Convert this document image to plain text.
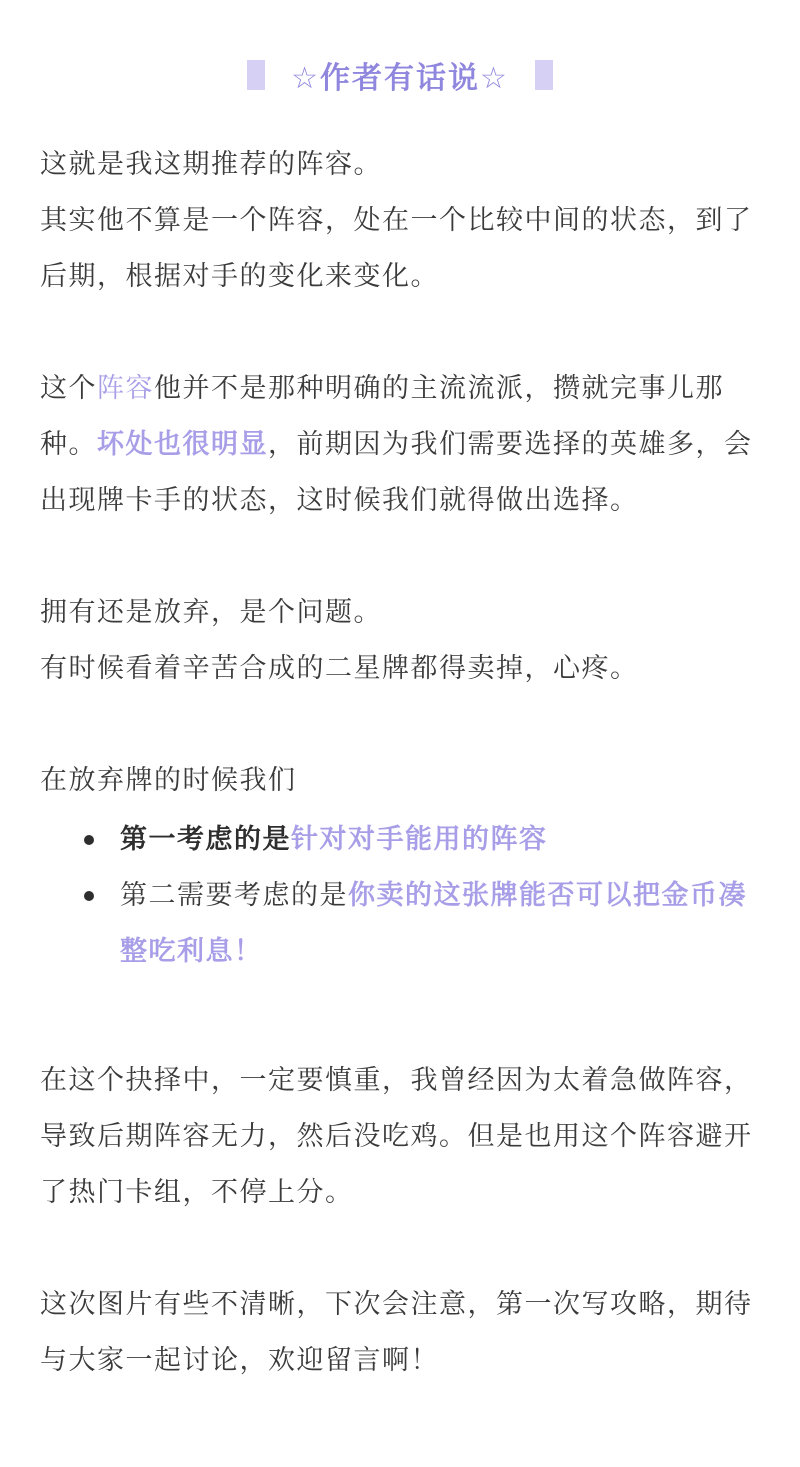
☆作者有话说☆

这就是我这期推荐的阵容。
其实他不算是一个阵容，处在一个比较中间的状态，到了后期，根据对手的变化来变化。

这个阵容他并不是那种明确的主流流派，攒就完事儿那种。坏处也很明显，前期因为我们需要选择的英雄多，会出现牌卡手的状态，这时候我们就得做出选择。

拥有还是放弃，是个问题。
有时候看着辛苦合成的二星牌都得卖掉，心疼。

在放弃牌的时候我们

第一考虑的是针对对手能用的阵容
第二需要考虑的是你卖的这张牌能否可以把金币凑整吃利息！

在这个抉择中，一定要慎重，我曾经因为太着急做阵容，导致后期阵容无力，然后没吃鸡。但是也用这个阵容避开了热门卡组，不停上分。

这次图片有些不清晰，下次会注意，第一次写攻略，期待与大家一起讨论，欢迎留言啊！
